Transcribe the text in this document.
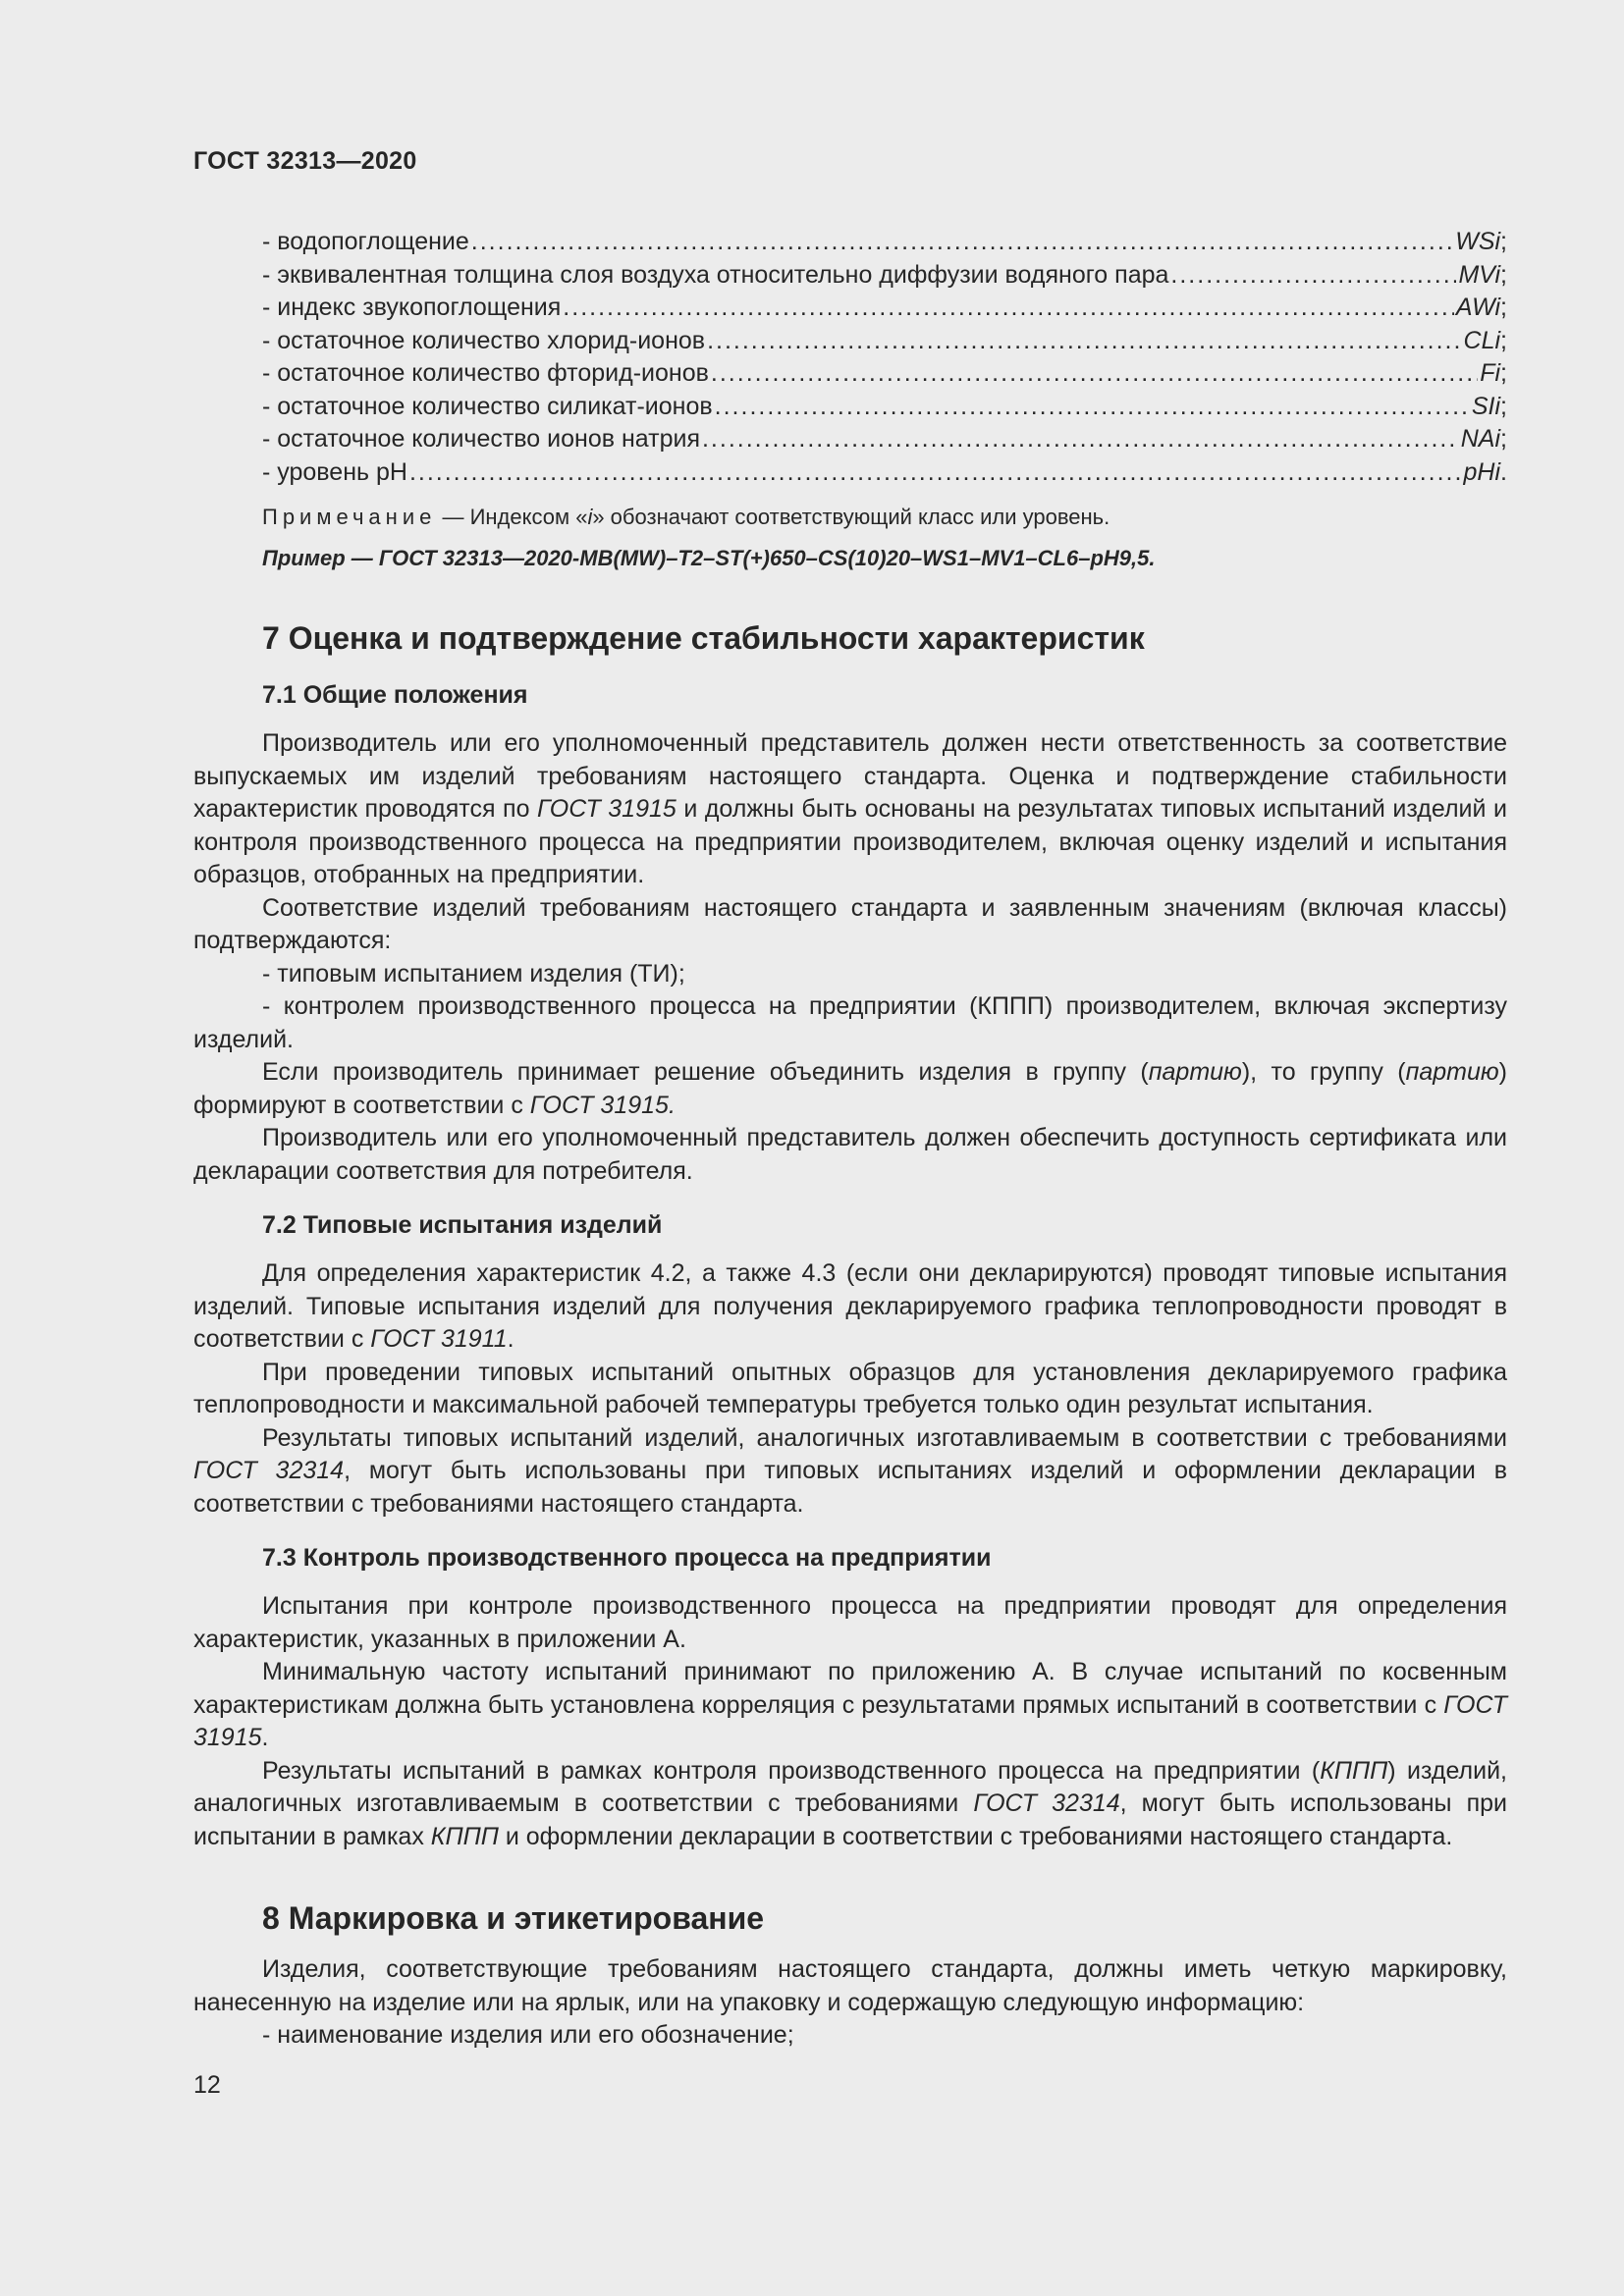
ГОСТ 32313—2020
- водопоглощение .....	WSi ;
- эквивалентная толщина слоя воздуха относительно диффузии водяного пара .....	MVi ;
- индекс звукопоглощения .....	AWi ;
- остаточное количество хлорид-ионов .....	CLi ;
- остаточное количество фторид-ионов .....	Fi ;
- остаточное количество силикат-ионов .....	SIi ;
- остаточное количество ионов натрия .....	NAi ;
- уровень pH .....	pHi .
Примечание — Индексом «i» обозначают соответствующий класс или уровень.
Пример — ГОСТ 32313—2020-МВ(МW)–Т2–ST(+)650–CS(10)20–WS1–MV1–CL6–pH9,5.
7 Оценка и подтверждение стабильности характеристик
7.1 Общие положения

Производитель или его уполномоченный представитель должен нести ответственность за соответствие выпускаемых им изделий требованиям настоящего стандарта. Оценка и подтверждение стабильности характеристик проводятся по ГОСТ 31915 и должны быть основаны на результатах типовых испытаний изделий и контроля производственного процесса на предприятии производителем, включая оценку изделий и испытания образцов, отобранных на предприятии.

Соответствие изделий требованиям настоящего стандарта и заявленным значениям (включая классы) подтверждаются:

- типовым испытанием изделия (ТИ);

- контролем производственного процесса на предприятии (КППП) производителем, включая экспертизу изделий.

Если производитель принимает решение объединить изделия в группу (партию), то группу (партию) формируют в соответствии с ГОСТ 31915.

Производитель или его уполномоченный представитель должен обеспечить доступность сертификата или декларации соответствия для потребителя.

7.2 Типовые испытания изделий

Для определения характеристик 4.2, а также 4.3 (если они декларируются) проводят типовые испытания изделий. Типовые испытания изделий для получения декларируемого графика теплопроводности проводят в соответствии с ГОСТ 31911.

При проведении типовых испытаний опытных образцов для установления декларируемого графика теплопроводности и максимальной рабочей температуры требуется только один результат испытания.

Результаты типовых испытаний изделий, аналогичных изготавливаемым в соответствии с требованиями ГОСТ 32314, могут быть использованы при типовых испытаниях изделий и оформлении декларации в соответствии с требованиями настоящего стандарта.

7.3 Контроль производственного процесса на предприятии

Испытания при контроле производственного процесса на предприятии проводят для определения характеристик, указанных в приложении А.

Минимальную частоту испытаний принимают по приложению А. В случае испытаний по косвенным характеристикам должна быть установлена корреляция с результатами прямых испытаний в соответствии с ГОСТ 31915.

Результаты испытаний в рамках контроля производственного процесса на предприятии (КППП) изделий, аналогичных изготавливаемым в соответствии с требованиями ГОСТ 32314, могут быть использованы при испытании в рамках КППП и оформлении декларации в соответствии с требованиями настоящего стандарта.

8 Маркировка и этикетирование

Изделия, соответствующие требованиям настоящего стандарта, должны иметь четкую маркировку, нанесенную на изделие или на ярлык, или на упаковку и содержащую следующую информацию:

- наименование изделия или его обозначение;
12
